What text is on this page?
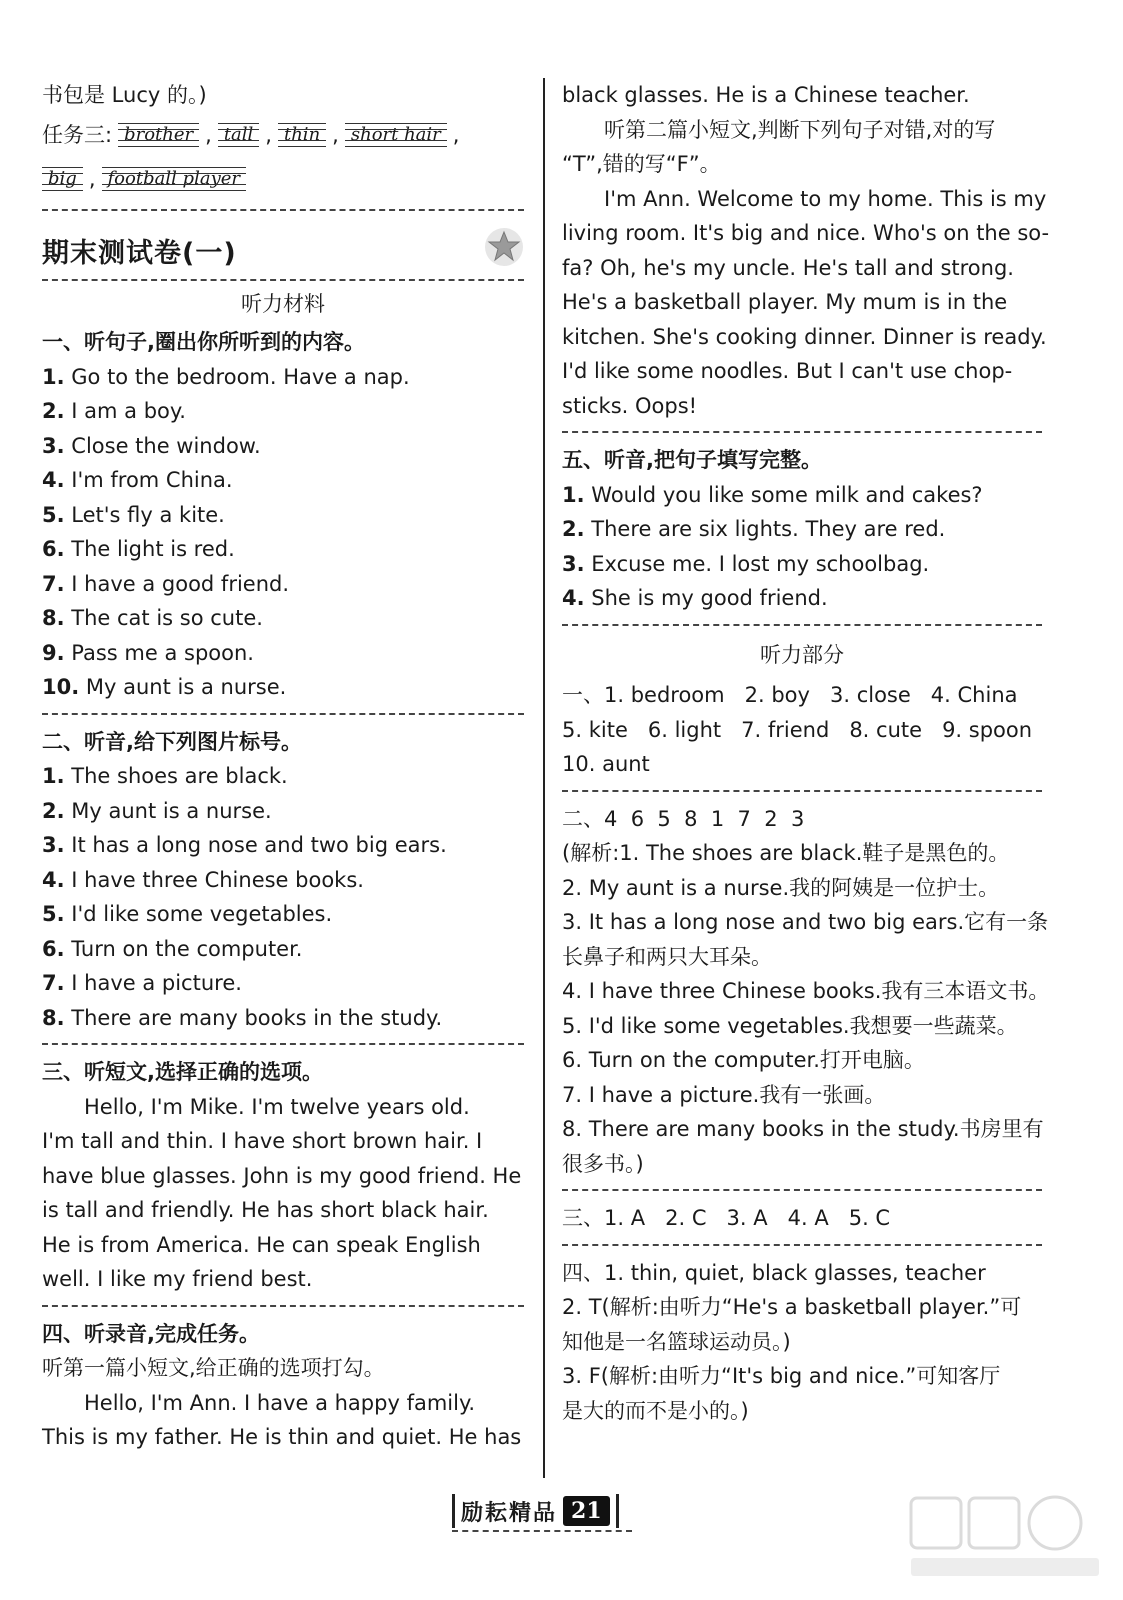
书包是 Lucy 的。)
任务三: brother , tall , thin , short hair ,
big , football player
期末测试卷(一)
听力材料
一、听句子,圈出你所听到的内容。
1. Go to the bedroom. Have a nap.
2. I am a boy.
3. Close the window.
4. I'm from China.
5. Let's fly a kite.
6. The light is red.
7. I have a good friend.
8. The cat is so cute.
9. Pass me a spoon.
10. My aunt is a nurse.
二、听音,给下列图片标号。
1. The shoes are black.
2. My aunt is a nurse.
3. It has a long nose and two big ears.
4. I have three Chinese books.
5. I'd like some vegetables.
6. Turn on the computer.
7. I have a picture.
8. There are many books in the study.
三、听短文,选择正确的选项。
Hello, I'm Mike. I'm twelve years old.
I'm tall and thin. I have short brown hair. I
have blue glasses. John is my good friend. He
is tall and friendly. He has short black hair.
He is from America. He can speak English
well. I like my friend best.
四、听录音,完成任务。
听第一篇小短文,给正确的选项打勾。
Hello, I'm Ann. I have a happy family.
This is my father. He is thin and quiet. He has
black glasses. He is a Chinese teacher.
听第二篇小短文,判断下列句子对错,对的写
“T”,错的写“F”。
I'm Ann. Welcome to my home. This is my
living room. It's big and nice. Who's on the so-
fa? Oh, he's my uncle. He's tall and strong.
He's a basketball player. My mum is in the
kitchen. She's cooking dinner. Dinner is ready.
I'd like some noodles. But I can't use chop-
sticks. Oops!
五、听音,把句子填写完整。
1. Would you like some milk and cakes?
2. There are six lights. They are red.
3. Excuse me. I lost my schoolbag.
4. She is my good friend.
听力部分
一、1. bedroom   2. boy   3. close   4. China
5. kite   6. light   7. friend   8. cute   9. spoon
10. aunt
二、4  6  5  8  1  7  2  3
(解析:1. The shoes are black.鞋子是黑色的。
2. My aunt is a nurse.我的阿姨是一位护士。
3. It has a long nose and two big ears.它有一条
长鼻子和两只大耳朵。
4. I have three Chinese books.我有三本语文书。
5. I'd like some vegetables.我想要一些蔬菜。
6. Turn on the computer.打开电脑。
7. I have a picture.我有一张画。
8. There are many books in the study.书房里有
很多书。)
三、1. A   2. C   3. A   4. A   5. C
四、1. thin, quiet, black glasses, teacher
2. T(解析:由听力“He's a basketball player.”可
知他是一名篮球运动员。)
3. F(解析:由听力“It's big and nice.”可知客厅
是大的而不是小的。)
励耘精品 21
